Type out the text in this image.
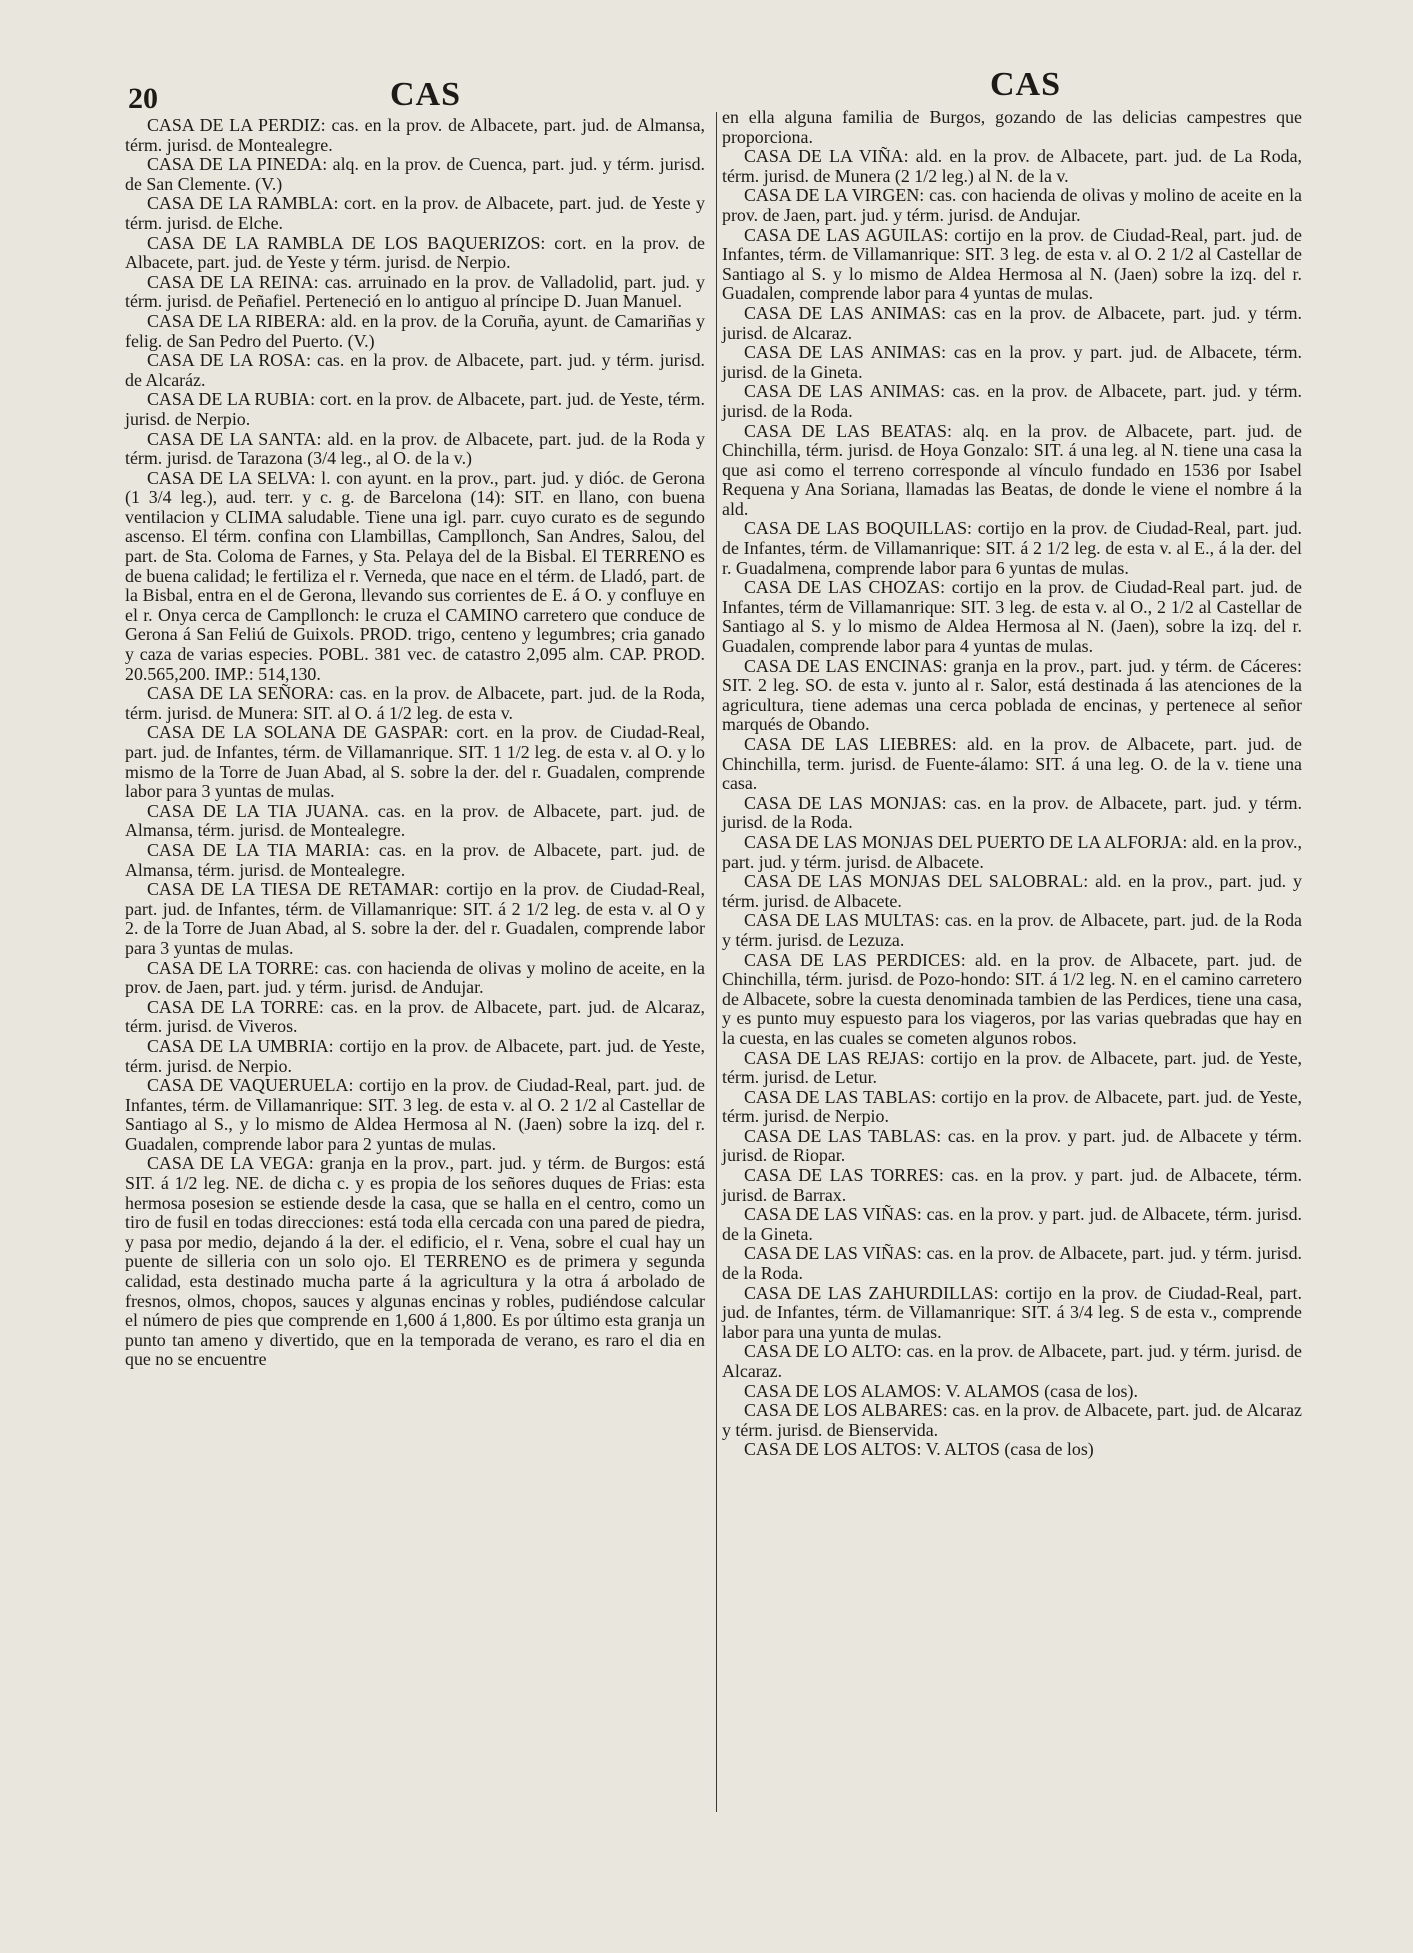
20	CAS	CAS

CASA DE LA PERDIZ: cas. en la prov. de Albacete, part. jud. de Almansa, térm. jurisd. de Montealegre.

CASA DE LA PINEDA: alq. en la prov. de Cuenca, part. jud. y térm. jurisd. de San Clemente. (V.)

CASA DE LA RAMBLA: cort. en la prov. de Albacete, part. jud. de Yeste y térm. jurisd. de Elche.

CASA DE LA RAMBLA DE LOS BAQUERIZOS: cort. en la prov. de Albacete, part. jud. de Yeste y térm. jurisd. de Nerpio.

CASA DE LA REINA: cas. arruinado en la prov. de Valladolid, part. jud. y térm. jurisd. de Peñafiel. Perteneció en lo antiguo al príncipe D. Juan Manuel.

CASA DE LA RIBERA: ald. en la prov. de la Coruña, ayunt. de Camariñas y felig. de San Pedro del Puerto. (V.)

CASA DE LA ROSA: cas. en la prov. de Albacete, part. jud. y térm. jurisd. de Alcaráz.

CASA DE LA RUBIA: cort. en la prov. de Albacete, part. jud. de Yeste, térm. jurisd. de Nerpio.

CASA DE LA SANTA: ald. en la prov. de Albacete, part. jud. de la Roda y térm. jurisd. de Tarazona (3/4 leg., al O. de la v.)

CASA DE LA SELVA: l. con ayunt. en la prov., part. jud. y dióc. de Gerona (1 3/4 leg.), aud. terr. y c. g. de Barcelona (14): SIT. en llano, con buena ventilacion y CLIMA saludable. Tiene una igl. parr. cuyo curato es de segundo ascenso. El térm. confina con Llambillas, Campllonch, San Andres, Salou, del part. de Sta. Coloma de Farnes, y Sta. Pelaya del de la Bisbal. El TERRENO es de buena calidad; le fertiliza el r. Verneda, que nace en el térm. de Lladó, part. de la Bisbal, entra en el de Gerona, llevando sus corrientes de E. á O. y confluye en el r. Onya cerca de Campllonch: le cruza el CAMINO carretero que conduce de Gerona á San Feliú de Guixols. PROD. trigo, centeno y legumbres; cria ganado y caza de varias especies. POBL. 381 vec. de catastro 2,095 alm. CAP. PROD. 20.565,200. IMP.: 514,130.

CASA DE LA SEÑORA: cas. en la prov. de Albacete, part. jud. de la Roda, térm. jurisd. de Munera: SIT. al O. á 1/2 leg. de esta v.

CASA DE LA SOLANA DE GASPAR: cort. en la prov. de Ciudad-Real, part. jud. de Infantes, térm. de Villamanrique. SIT. 1 1/2 leg. de esta v. al O. y lo mismo de la Torre de Juan Abad, al S. sobre la der. del r. Guadalen, comprende labor para 3 yuntas de mulas.

CASA DE LA TIA JUANA. cas. en la prov. de Albacete, part. jud. de Almansa, térm. jurisd. de Montealegre.

CASA DE LA TIA MARIA: cas. en la prov. de Albacete, part. jud. de Almansa, térm. jurisd. de Montealegre.

CASA DE LA TIESA DE RETAMAR: cortijo en la prov. de Ciudad-Real, part. jud. de Infantes, térm. de Villamanrique: SIT. á 2 1/2 leg. de esta v. al O y 2. de la Torre de Juan Abad, al S. sobre la der. del r. Guadalen, comprende labor para 3 yuntas de mulas.

CASA DE LA TORRE: cas. con hacienda de olivas y molino de aceite, en la prov. de Jaen, part. jud. y térm. jurisd. de Andujar.

CASA DE LA TORRE: cas. en la prov. de Albacete, part. jud. de Alcaraz, térm. jurisd. de Viveros.

CASA DE LA UMBRIA: cortijo en la prov. de Albacete, part. jud. de Yeste, térm. jurisd. de Nerpio.

CASA DE VAQUERUELA: cortijo en la prov. de Ciudad-Real, part. jud. de Infantes, térm. de Villamanrique: SIT. 3 leg. de esta v. al O. 2 1/2 al Castellar de Santiago al S., y lo mismo de Aldea Hermosa al N. (Jaen) sobre la izq. del r. Guadalen, comprende labor para 2 yuntas de mulas.

CASA DE LA VEGA: granja en la prov., part. jud. y térm. de Burgos: está SIT. á 1/2 leg. NE. de dicha c. y es propia de los señores duques de Frias: esta hermosa posesion se estiende desde la casa, que se halla en el centro, como un tiro de fusil en todas direcciones: está toda ella cercada con una pared de piedra, y pasa por medio, dejando á la der. el edificio, el r. Vena, sobre el cual hay un puente de silleria con un solo ojo. El TERRENO es de primera y segunda calidad, esta destinado mucha parte á la agricultura y la otra á arbolado de fresnos, olmos, chopos, sauces y algunas encinas y robles, pudiéndose calcular el número de pies que comprende en 1,600 á 1,800. Es por último esta granja un punto tan ameno y divertido, que en la temporada de verano, es raro el dia en que no se encuentre

en ella alguna familia de Burgos, gozando de las delicias campestres que proporciona.

CASA DE LA VIÑA: ald. en la prov. de Albacete, part. jud. de La Roda, térm. jurisd. de Munera (2 1/2 leg.) al N. de la v.

CASA DE LA VIRGEN: cas. con hacienda de olivas y molino de aceite en la prov. de Jaen, part. jud. y térm. jurisd. de Andujar.

CASA DE LAS AGUILAS: cortijo en la prov. de Ciudad-Real, part. jud. de Infantes, térm. de Villamanrique: SIT. 3 leg. de esta v. al O. 2 1/2 al Castellar de Santiago al S. y lo mismo de Aldea Hermosa al N. (Jaen) sobre la izq. del r. Guadalen, comprende labor para 4 yuntas de mulas.

CASA DE LAS ANIMAS: cas en la prov. de Albacete, part. jud. y térm. jurisd. de Alcaraz.

CASA DE LAS ANIMAS: cas en la prov. y part. jud. de Albacete, térm. jurisd. de la Gineta.

CASA DE LAS ANIMAS: cas. en la prov. de Albacete, part. jud. y térm. jurisd. de la Roda.

CASA DE LAS BEATAS: alq. en la prov. de Albacete, part. jud. de Chinchilla, térm. jurisd. de Hoya Gonzalo: SIT. á una leg. al N. tiene una casa la que asi como el terreno corresponde al vínculo fundado en 1536 por Isabel Requena y Ana Soriana, llamadas las Beatas, de donde le viene el nombre á la ald.

CASA DE LAS BOQUILLAS: cortijo en la prov. de Ciudad-Real, part. jud. de Infantes, térm. de Villamanrique: SIT. á 2 1/2 leg. de esta v. al E., á la der. del r. Guadalmena, comprende labor para 6 yuntas de mulas.

CASA DE LAS CHOZAS: cortijo en la prov. de Ciudad-Real part. jud. de Infantes, térm de Villamanrique: SIT. 3 leg. de esta v. al O., 2 1/2 al Castellar de Santiago al S. y lo mismo de Aldea Hermosa al N. (Jaen), sobre la izq. del r. Guadalen, comprende labor para 4 yuntas de mulas.

CASA DE LAS ENCINAS: granja en la prov., part. jud. y térm. de Cáceres: SIT. 2 leg. SO. de esta v. junto al r. Salor, está destinada á las atenciones de la agricultura, tiene ademas una cerca poblada de encinas, y pertenece al señor marqués de Obando.

CASA DE LAS LIEBRES: ald. en la prov. de Albacete, part. jud. de Chinchilla, term. jurisd. de Fuente-álamo: SIT. á una leg. O. de la v. tiene una casa.

CASA DE LAS MONJAS: cas. en la prov. de Albacete, part. jud. y térm. jurisd. de la Roda.

CASA DE LAS MONJAS DEL PUERTO DE LA ALFORJA: ald. en la prov., part. jud. y térm. jurisd. de Albacete.

CASA DE LAS MONJAS DEL SALOBRAL: ald. en la prov., part. jud. y térm. jurisd. de Albacete.

CASA DE LAS MULTAS: cas. en la prov. de Albacete, part. jud. de la Roda y térm. jurisd. de Lezuza.

CASA DE LAS PERDICES: ald. en la prov. de Albacete, part. jud. de Chinchilla, térm. jurisd. de Pozo-hondo: SIT. á 1/2 leg. N. en el camino carretero de Albacete, sobre la cuesta denominada tambien de las Perdices, tiene una casa, y es punto muy espuesto para los viageros, por las varias quebradas que hay en la cuesta, en las cuales se cometen algunos robos.

CASA DE LAS REJAS: cortijo en la prov. de Albacete, part. jud. de Yeste, térm. jurisd. de Letur.

CASA DE LAS TABLAS: cortijo en la prov. de Albacete, part. jud. de Yeste, térm. jurisd. de Nerpio.

CASA DE LAS TABLAS: cas. en la prov. y part. jud. de Albacete y térm. jurisd. de Riopar.

CASA DE LAS TORRES: cas. en la prov. y part. jud. de Albacete, térm. jurisd. de Barrax.

CASA DE LAS VIÑAS: cas. en la prov. y part. jud. de Albacete, térm. jurisd. de la Gineta.

CASA DE LAS VIÑAS: cas. en la prov. de Albacete, part. jud. y térm. jurisd. de la Roda.

CASA DE LAS ZAHURDILLAS: cortijo en la prov. de Ciudad-Real, part. jud. de Infantes, térm. de Villamanrique: SIT. á 3/4 leg. S de esta v., comprende labor para una yunta de mulas.

CASA DE LO ALTO: cas. en la prov. de Albacete, part. jud. y térm. jurisd. de Alcaraz.

CASA DE LOS ALAMOS: V. ALAMOS (casa de los).

CASA DE LOS ALBARES: cas. en la prov. de Albacete, part. jud. de Alcaraz y térm. jurisd. de Bienservida.

CASA DE LOS ALTOS: V. ALTOS (casa de los)
